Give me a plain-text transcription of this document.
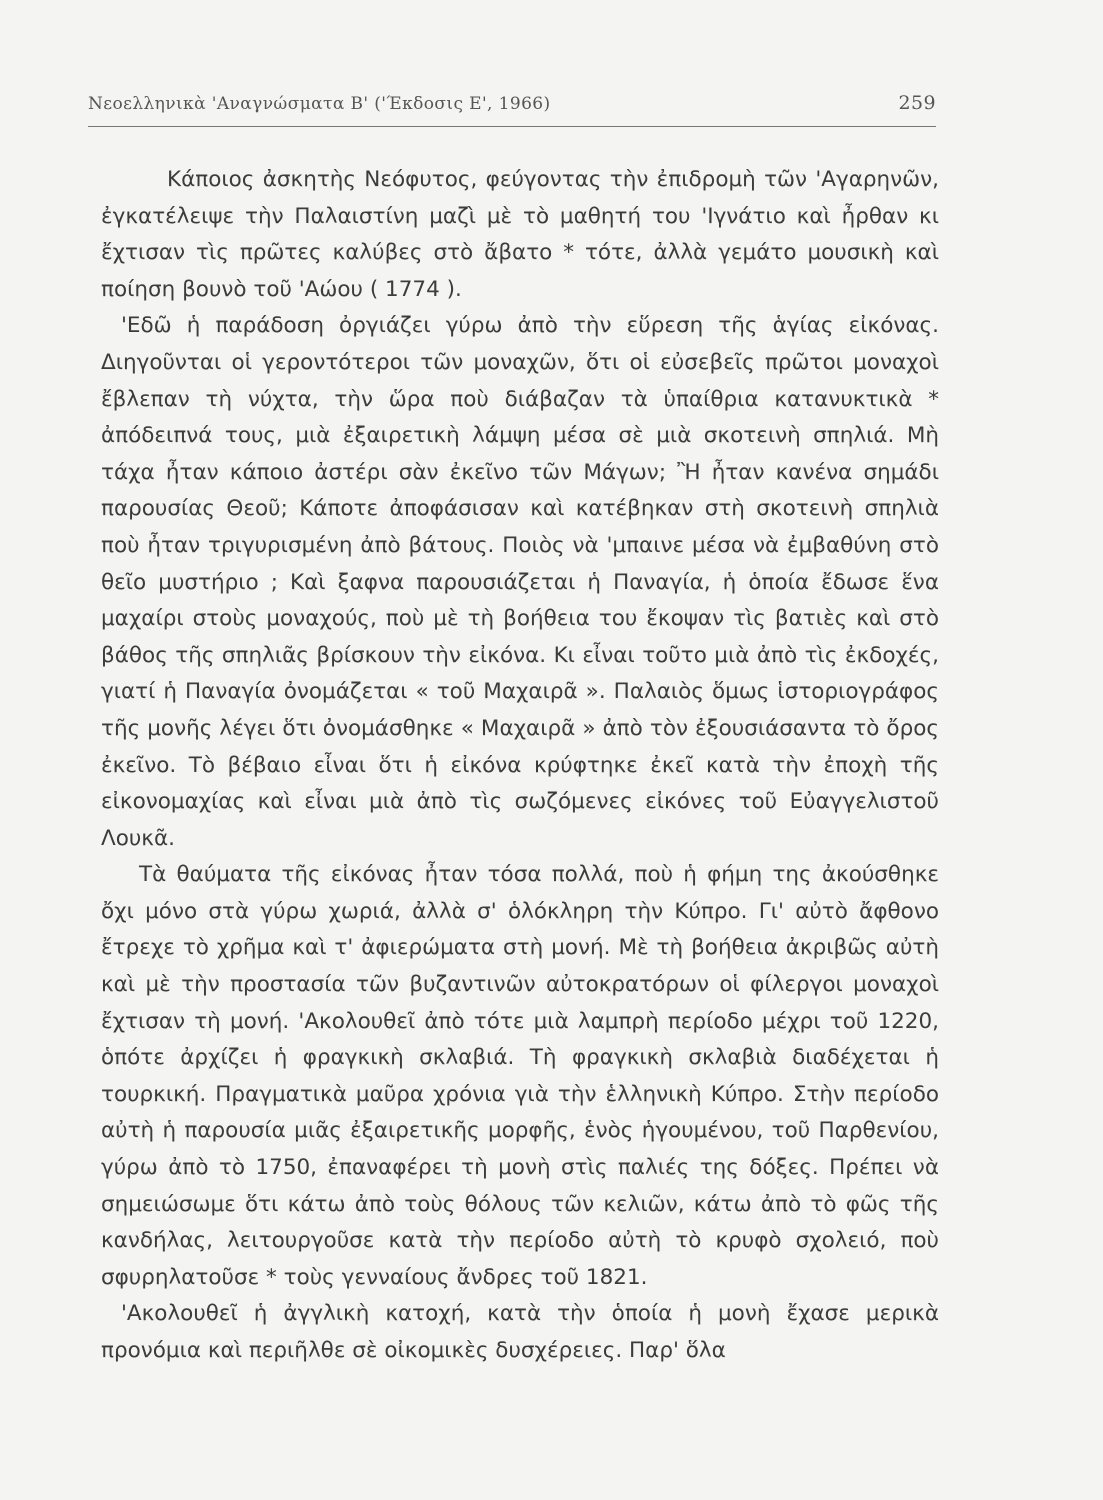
Νεοελληνικὰ 'Αναγνώσματα Β' ('Έκδοσις Ε', 1966)	259

Κάποιος ἀσκητὴς Νεόφυτος, φεύγοντας τὴν ἐπιδρομὴ τῶν 'Αγαρηνῶν, ἐγκατέλειψε τὴν Παλαιστίνη μαζὶ μὲ τὸ μαθητή του 'Ιγνάτιο καὶ ἦρθαν κι ἔχτισαν τὶς πρῶτες καλύβες στὸ ἄβατο * τότε, ἀλλὰ γεμάτο μουσικὴ καὶ ποίηση βουνὸ τοῦ 'Αώου ( 1774 ).

'Εδῶ ἡ παράδοση ὀργιάζει γύρω ἀπὸ τὴν εὕρεση τῆς ἁγίας εἰκόνας. Διηγοῦνται οἱ γεροντότεροι τῶν μοναχῶν, ὅτι οἱ εὐσεβεῖς πρῶτοι μοναχοὶ ἔβλεπαν τὴ νύχτα, τὴν ὥρα ποὺ διάβαζαν τὰ ὑπαίθρια κατανυκτικὰ * ἀπόδειπνά τους, μιὰ ἐξαιρετικὴ λάμψη μέσα σὲ μιὰ σκοτεινὴ σπηλιά. Μὴ τάχα ἦταν κάποιο ἀστέρι σὰν ἐκεῖνο τῶν Μάγων; Ἢ ἦταν κανένα σημάδι παρουσίας Θεοῦ; Κάποτε ἀποφάσισαν καὶ κατέβηκαν στὴ σκοτεινὴ σπηλιὰ ποὺ ἦταν τριγυρισμένη ἀπὸ βάτους. Ποιὸς νὰ 'μπαινε μέσα νὰ ἐμβαθύνη στὸ θεῖο μυστήριο ; Καὶ ξαφνα παρουσιάζεται ἡ Παναγία, ἡ ὁποία ἔδωσε ἕνα μαχαίρι στοὺς μοναχούς, ποὺ μὲ τὴ βοήθεια του ἔκοψαν τὶς βατιὲς καὶ στὸ βάθος τῆς σπηλιᾶς βρίσκουν τὴν εἰκόνα. Κι εἶναι τοῦτο μιὰ ἀπὸ τὶς ἐκδοχές, γιατί ἡ Παναγία ὀνομάζεται « τοῦ Μαχαιρᾶ ». Παλαιὸς ὅμως ἱστοριογράφος τῆς μονῆς λέγει ὅτι ὀνομάσθηκε « Μαχαιρᾶ » ἀπὸ τὸν ἐξουσιάσαντα τὸ ὄρος ἐκεῖνο. Τὸ βέβαιο εἶναι ὅτι ἡ εἰκόνα κρύφτηκε ἐκεῖ κατὰ τὴν ἐποχὴ τῆς εἰκονομαχίας καὶ εἶναι μιὰ ἀπὸ τὶς σωζόμενες εἰκόνες τοῦ Εὐαγγελιστοῦ Λουκᾶ.

Τὰ θαύματα τῆς εἰκόνας ἦταν τόσα πολλά, ποὺ ἡ φήμη της ἀκούσθηκε ὄχι μόνο στὰ γύρω χωριά, ἀλλὰ σ' ὁλόκληρη τὴν Κύπρο. Γι' αὐτὸ ἄφθονο ἔτρεχε τὸ χρῆμα καὶ τ' ἀφιερώματα στὴ μονή. Μὲ τὴ βοήθεια ἀκριβῶς αὐτὴ καὶ μὲ τὴν προστασία τῶν βυζαντινῶν αὐτοκρατόρων οἱ φίλεργοι μοναχοὶ ἔχτισαν τὴ μονή. 'Ακολουθεῖ ἀπὸ τότε μιὰ λαμπρὴ περίοδο μέχρι τοῦ 1220, ὁπότε ἀρχίζει ἡ φραγκικὴ σκλαβιά. Τὴ φραγκικὴ σκλαβιὰ διαδέχεται ἡ τουρκική. Πραγματικὰ μαῦρα χρόνια γιὰ τὴν ἑλληνικὴ Κύπρο. Στὴν περίοδο αὐτὴ ἡ παρουσία μιᾶς ἐξαιρετικῆς μορφῆς, ἑνὸς ἡγουμένου, τοῦ Παρθενίου, γύρω ἀπὸ τὸ 1750, ἐπαναφέρει τὴ μονὴ στὶς παλιές της δόξες. Πρέπει νὰ σημειώσωμε ὅτι κάτω ἀπὸ τοὺς θόλους τῶν κελιῶν, κάτω ἀπὸ τὸ φῶς τῆς κανδήλας, λειτουργοῦσε κατὰ τὴν περίοδο αὐτὴ τὸ κρυφὸ σχολειό, ποὺ σφυρηλατοῦσε * τοὺς γενναίους ἄνδρες τοῦ 1821.

'Ακολουθεῖ ἡ ἀγγλικὴ κατοχή, κατὰ τὴν ὁποία ἡ μονὴ ἔχασε μερικὰ προνόμια καὶ περιῆλθε σὲ οἰκομικὲς δυσχέρειες. Παρ' ὅλα
